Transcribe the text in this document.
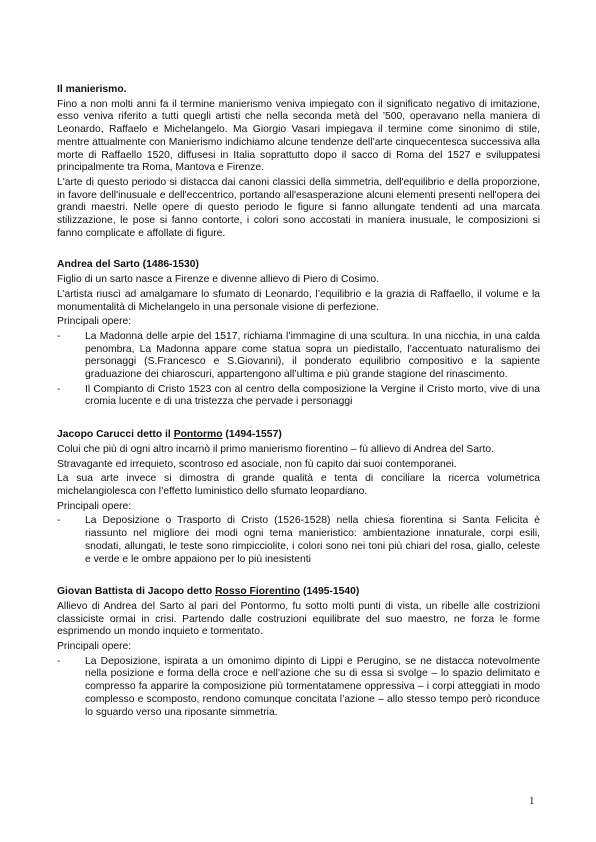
Il manierismo.
Fino a non molti anni fa il termine manierismo veniva impiegato con il significato negativo di imitazione, esso veniva riferito a tutti quegli artisti che nella seconda metà del ’500, operavano nella maniera di Leonardo, Raffaelo e Michelangelo. Ma Giorgio Vasari impiegava il termine come sinonimo di stile, mentre attualmente con Manierismo indichiamo alcune tendenze dell’arte cinquecentesca successiva alla morte di Raffaello 1520, diffusesi in Italia soprattutto dopo il sacco di Roma del 1527 e sviluppatesi principalmente tra Roma, Mantova e Firenze.
L'arte di questo periodo si distacca dai canoni classici della simmetria, dell'equilibrio e della proporzione, in favore dell'inusuale e dell'eccentrico, portando all'esasperazione alcuni elementi presenti nell'opera dei grandi maestri. Nelle opere di questo periodo le figure si fanno allungate tendenti ad una marcata stilizzazione, le pose si fanno contorte, i colori sono accostati in maniera inusuale, le composizioni si fanno complicate e affollate di figure.
Andrea del Sarto (1486-1530)
Figlio di un sarto nasce a Firenze e divenne allievo di Piero di Cosimo.
L’artista riuscì ad amalgamare lo sfumato di Leonardo, l’equilibrio e la grazia di Raffaello, il volume e la monumentalità di Michelangelo in una personale visione di perfezione.
Principali opere:
-	La Madonna delle arpie del 1517, richiama l’immagine di una scultura. In una nicchia, in una calda penombra, La Madonna appare come statua sopra un piedistallo, l’accentuato naturalismo dei personaggi (S.Francesco e S.Giovanni), il ponderato equilibrio compositivo e la sapiente graduazione dei chiaroscuri, appartengono all’ultima e più grande stagione del rinascimento.
-	Il Compianto di Cristo 1523 con al centro della composizione la Vergine il Cristo morto, vive di una cromia lucente e di una tristezza che pervade i personaggi
Jacopo Carucci detto il Pontormo (1494-1557)
Colui che più di ogni altro incarnò il primo manierismo fiorentino – fù allievo di Andrea del Sarto.
Stravagante ed irrequieto, scontroso ed asociale, non fù capito dai suoi contemporanei.
La sua arte invece si dimostra di grande qualità e tenta di conciliare la ricerca volumetrica michelangiolesca con l’effetto luministico dello sfumato leopardiano.
Principali opere:
-	La Deposizione o Trasporto di Cristo (1526-1528) nella chiesa fiorentina si Santa Felicita è riassunto nel migliore dei modi ogni tema manieristico: ambientazione innaturale, corpi esili, snodati, allungati, le teste sono rimpicciolite, i colori sono nei toni più chiari del rosa, giallo, celeste e verde e le ombre appaiono per lo più inesistenti
Giovan Battista di Jacopo detto Rosso Fiorentino (1495-1540)
Allievo di Andrea del Sarto al pari del Pontormo, fu sotto molti punti di vista, un ribelle alle costrizioni classiciste ormai in crisi. Partendo dalle costruzioni equilibrate del suo maestro, ne forza le forme esprimendo un mondo inquieto e tormentato.
Principali opere:
-	La Deposizione, ispirata a un omonimo dipinto di Lippi e Perugino, se ne distacca notevolmente nella posizione e forma della croce e nell’azione che su di essa si svolge – lo spazio delimitato e compresso fa apparire la composizione più tormentatamene oppressiva – i corpi atteggiati in modo complesso e scomposto, rendono comunque concitata l’azione – allo stesso tempo però riconduce lo sguardo verso una riposante simmetria.
1
